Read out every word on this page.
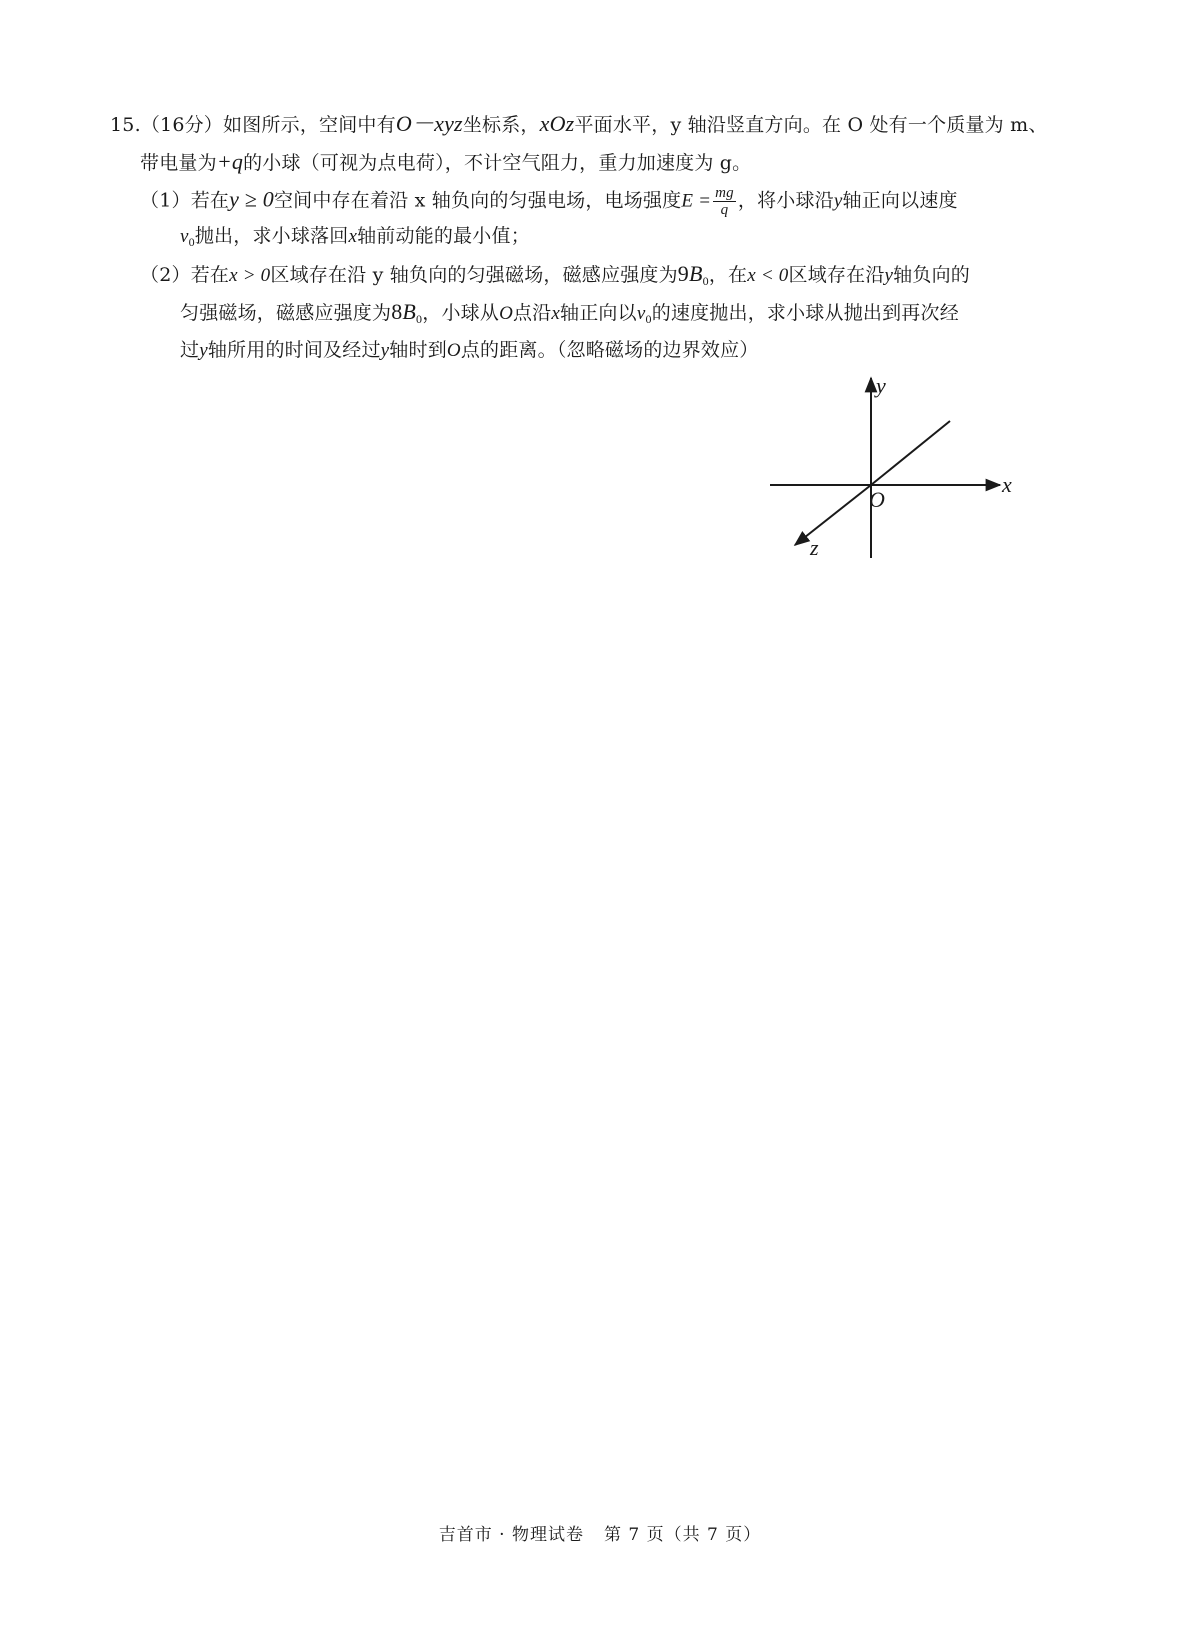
15.（16分）如图所示，空间中有O－xyz坐标系，xOz平面水平，y 轴沿竖直方向。在 O 处有一个质量为 m、
带电量为+q的小球（可视为点电荷），不计空气阻力，重力加速度为 g。
（1）若在y ≥ 0空间中存在着沿 x 轴负向的匀强电场，电场强度$E = \frac{mg}{q}$ ，将小球沿y轴正向以速度
$v_0$抛出，求小球落回x轴前动能的最小值；
（2）若在x > 0区域存在沿 y 轴负向的匀强磁场，磁感应强度为$9B_0$，在x < 0区域存在沿y轴负向的
匀强磁场，磁感应强度为$8B_0$，小球从O点沿x轴正向以$v_0$的速度抛出，求小球从抛出到再次经
过y轴所用的时间及经过y轴时到O点的距离。（忽略磁场的边界效应）
x
y
z
O
吉首市 · 物理试卷 第 7 页（共 7 页）
